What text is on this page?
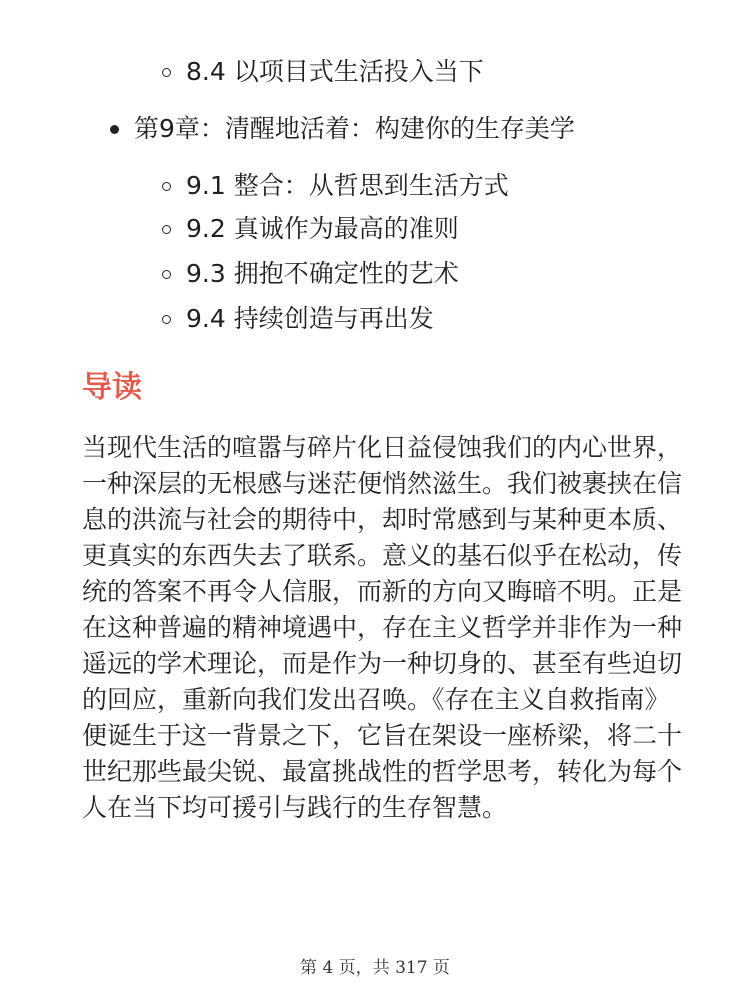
8.4 以项目式生活投入当下
第9章：清醒地活着：构建你的生存美学
9.1 整合：从哲思到生活方式
9.2 真诚作为最高的准则
9.3 拥抱不确定性的艺术
9.4 持续创造与再出发
导读

当现代生活的喧嚣与碎片化日益侵蚀我们的内心世界，一种深层的无根感与迷茫便悄然滋生。我们被裹挟在信息的洪流与社会的期待中，却时常感到与某种更本质、更真实的东西失去了联系。意义的基石似乎在松动，传统的答案不再令人信服，而新的方向又晦暗不明。正是在这种普遍的精神境遇中，存在主义哲学并非作为一种遥远的学术理论，而是作为一种切身的、甚至有些迫切的回应，重新向我们发出召唤。《存在主义自救指南》便诞生于这一背景之下，它旨在架设一座桥梁，将二十世纪那些最尖锐、最富挑战性的哲学思考，转化为每个人在当下均可援引与践行的生存智慧。

第 4 页，共 317 页
